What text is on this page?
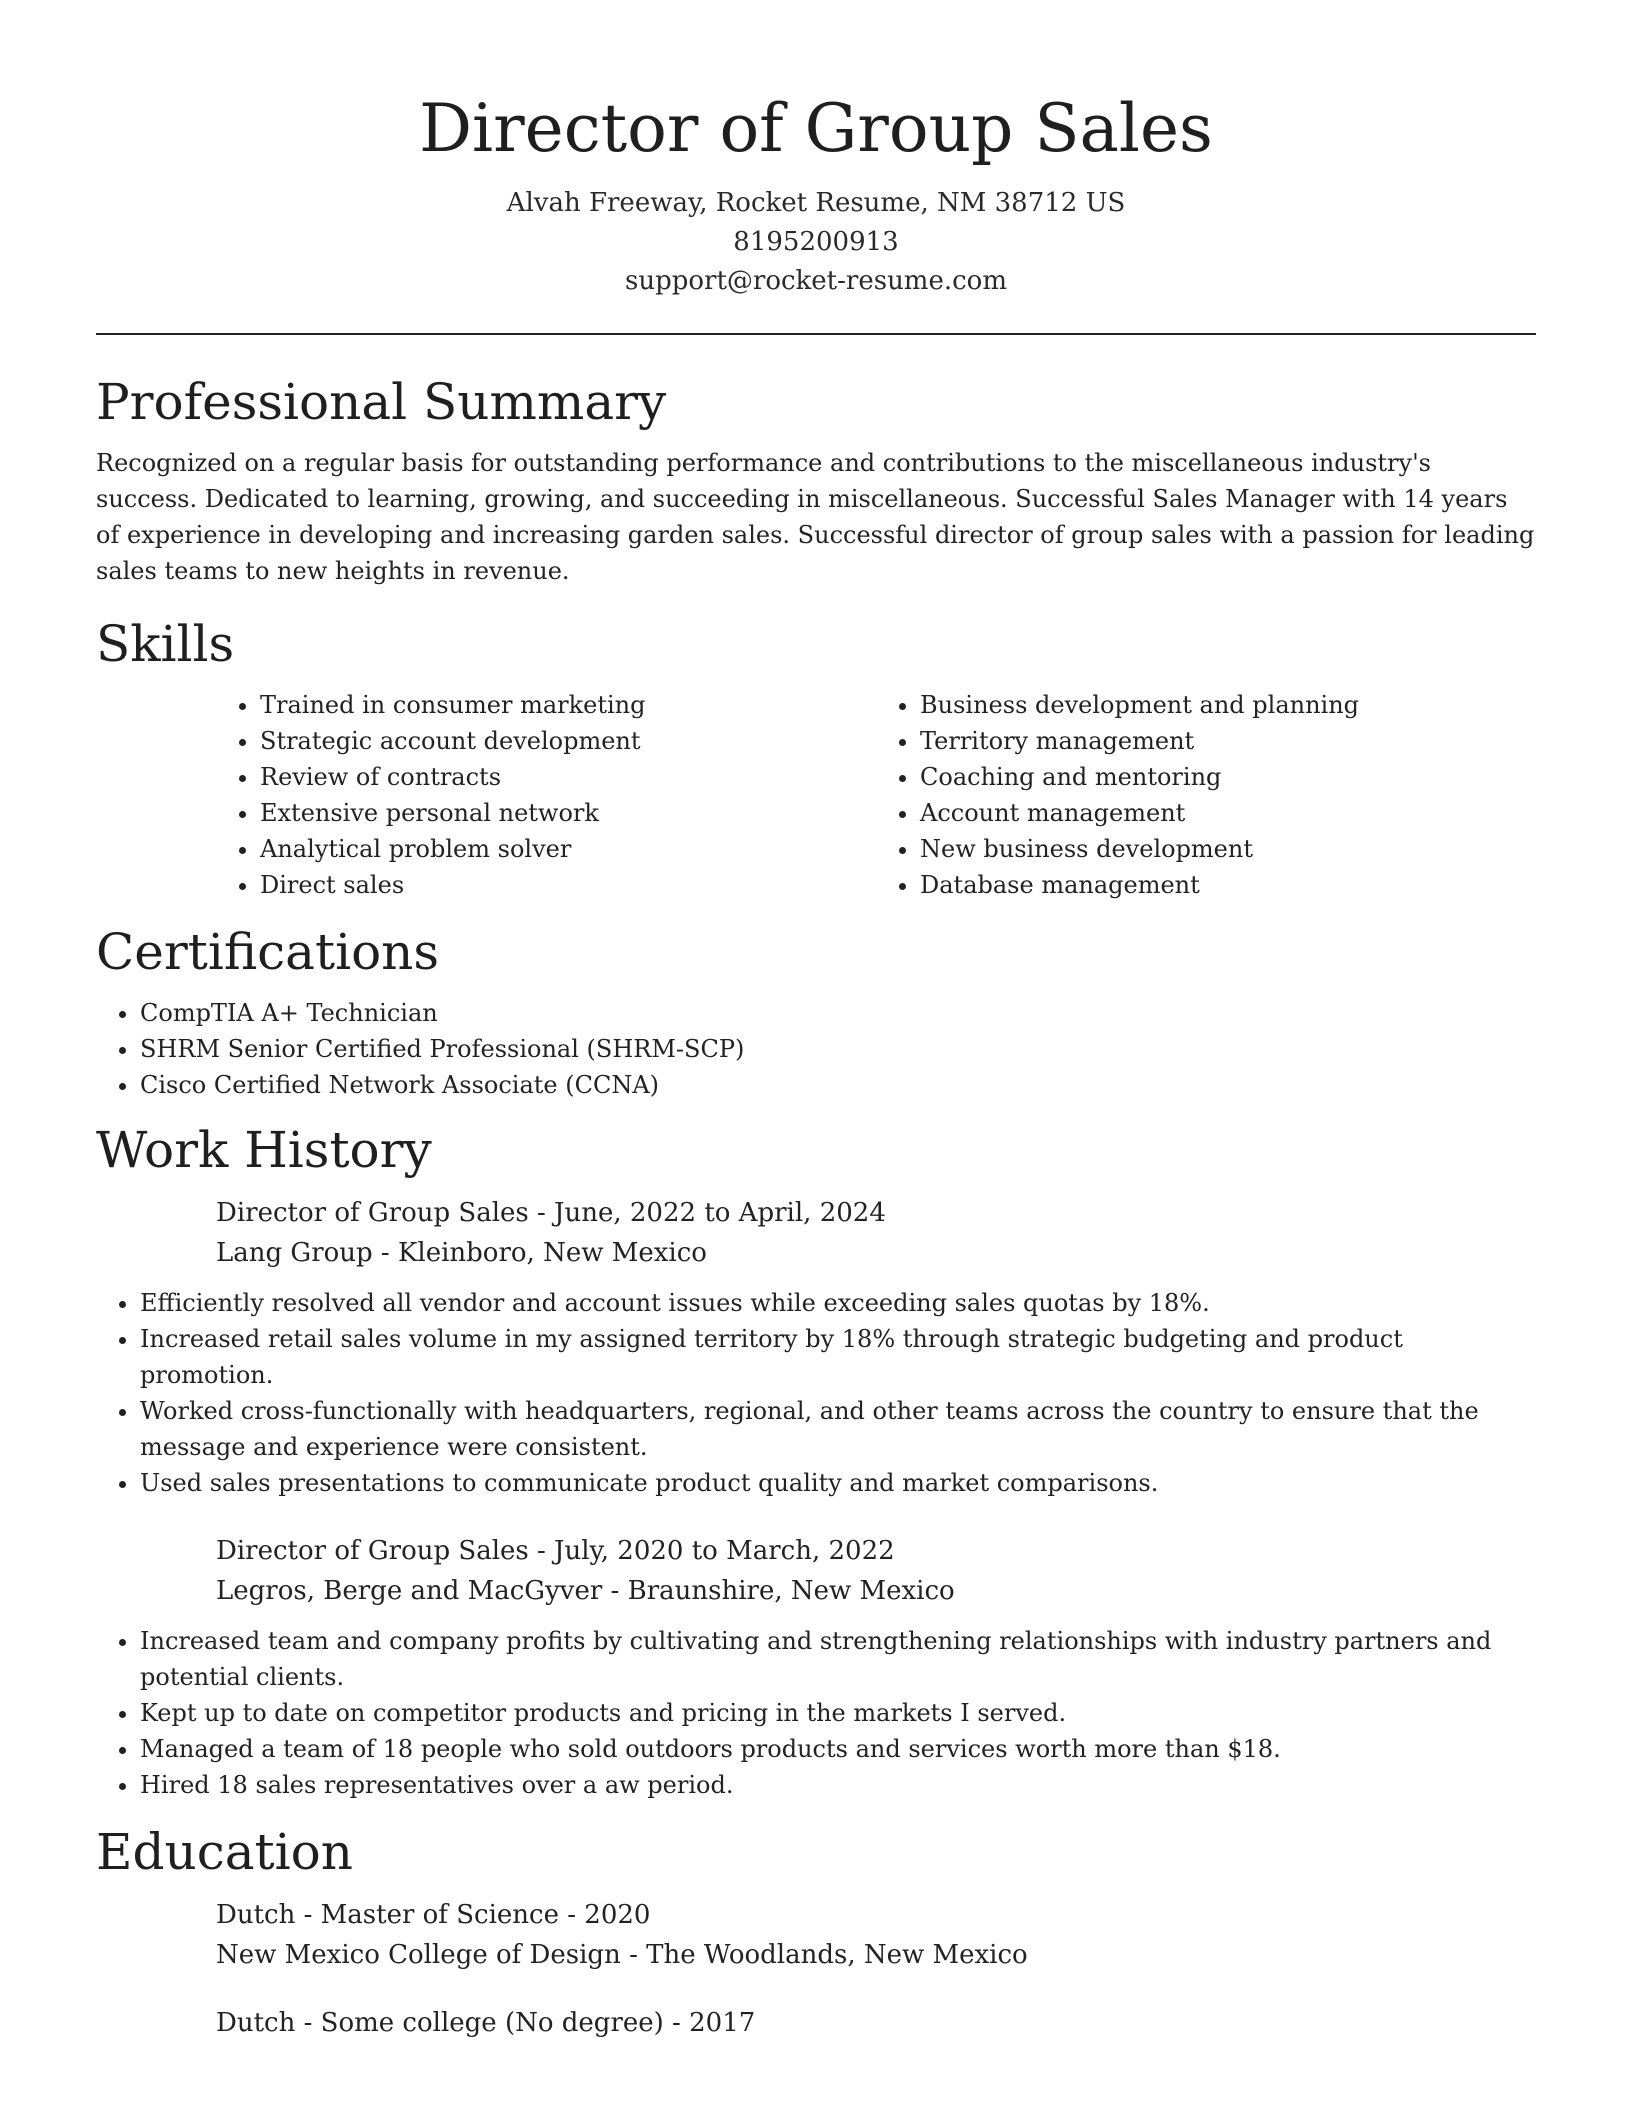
Director of Group Sales
Alvah Freeway, Rocket Resume, NM 38712 US
8195200913
support@rocket-resume.com
Professional Summary

Recognized on a regular basis for outstanding performance and contributions to the miscellaneous industry's success. Dedicated to learning, growing, and succeeding in miscellaneous. Successful Sales Manager with 14 years of experience in developing and increasing garden sales. Successful director of group sales with a passion for leading sales teams to new heights in revenue.

Skills
• Trained in consumer marketing
• Strategic account development
• Review of contracts
• Extensive personal network
• Analytical problem solver
• Direct sales
• Business development and planning
• Territory management
• Coaching and mentoring
• Account management
• New business development
• Database management
Certifications
• CompTIA A+ Technician
• SHRM Senior Certified Professional (SHRM-SCP)
• Cisco Certified Network Associate (CCNA)
Work History
Director of Group Sales - June, 2022 to April, 2024
Lang Group - Kleinboro, New Mexico
• Efficiently resolved all vendor and account issues while exceeding sales quotas by 18%.
• Increased retail sales volume in my assigned territory by 18% through strategic budgeting and product promotion.
• Worked cross-functionally with headquarters, regional, and other teams across the country to ensure that the message and experience were consistent.
• Used sales presentations to communicate product quality and market comparisons.
Director of Group Sales - July, 2020 to March, 2022
Legros, Berge and MacGyver - Braunshire, New Mexico
• Increased team and company profits by cultivating and strengthening relationships with industry partners and potential clients.
• Kept up to date on competitor products and pricing in the markets I served.
• Managed a team of 18 people who sold outdoors products and services worth more than $18.
• Hired 18 sales representatives over a aw period.
Education
Dutch - Master of Science - 2020
New Mexico College of Design - The Woodlands, New Mexico
Dutch - Some college (No degree) - 2017
